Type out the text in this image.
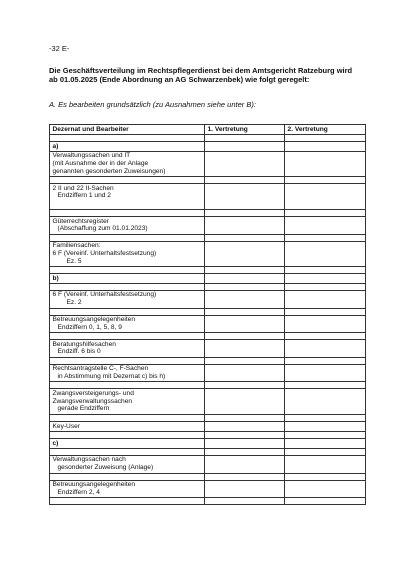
-32 E-
Die Geschäftsverteilung im Rechtspflegerdienst bei dem Amtsgericht Ratzeburg wird
ab 01.05.2025 (Ende Abordnung an AG Schwarzenbek) wie folgt geregelt:
A. Es bearbeiten grundsätzlich (zu Ausnahmen siehe unter B):
Dezernat und Bearbeiter	1. Vertretung	2. Vertretung

a)		

Verwaltungssachen und IT
(mit Ausnahme der in der Anlage
genannten gesonderten Zuweisungen)		

2 II und 22 II-Sachen
Endziffern 1 und 2		

Güterrechtsregister
(Abschaffung zum 01.01.2023)		

Familiensachen:
6 F (Vereinf. Unterhaltsfestsetzung)
Ez. 5		

b)		

6 F (Vereinf. Unterhaltsfestsetzung)
Ez. 2		

Betreuungsangelegenheiten
Endziffern 0, 1, 5, 8, 9		

Beratungshilfesachen
Endziff. 6 bis 0		

Rechtsantragstelle C-, F-Sachen
in Abstimmung mit Dezernat c) bis h)		

Zwangsversteigerungs- und
Zwangsverwaltungssachen
gerade Endziffern		

Key-User		

c)		

Verwaltungssachen nach
gesonderter Zuweisung (Anlage)		

Betreuungsangelegenheiten
Endziffern 2, 4		
